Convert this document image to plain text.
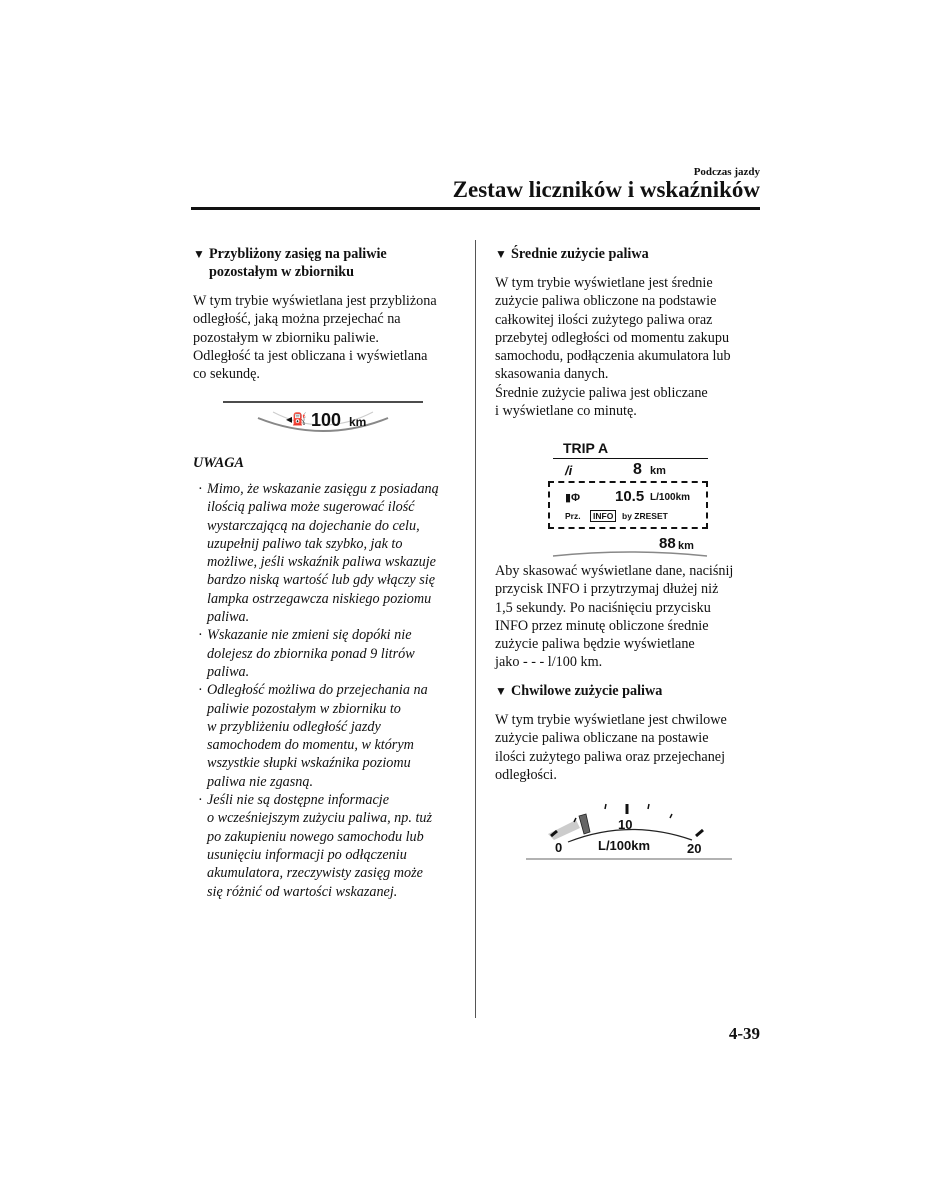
Podczas jazdy
Zestaw liczników i wskaźników
▼ Przybliżony zasięg na paliwie
pozostałym w zbiorniku

W tym trybie wyświetlana jest przybliżona

odległość, jaką można przejechać na

pozostałym w zbiorniku paliwie.

Odległość ta jest obliczana i wyświetlana

co sekundę.

◂⛽ 100 km
UWAGA
· Mimo, że wskazanie zasięgu z posiadaną
ilością paliwa może sugerować ilość
wystarczającą na dojechanie do celu,
uzupełnij paliwo tak szybko, jak to
możliwe, jeśli wskaźnik paliwa wskazuje
bardzo niską wartość lub gdy włączy się
lampka ostrzegawcza niskiego poziomu
paliwa.
· Wskazanie nie zmieni się dopóki nie
dolejesz do zbiornika ponad 9 litrów
paliwa.
· Odległość możliwa do przejechania na
paliwie pozostałym w zbiorniku to
w przybliżeniu odległość jazdy
samochodem do momentu, w którym
wszystkie słupki wskaźnika poziomu
paliwa nie zgasną.
· Jeśli nie są dostępne informacje
o wcześniejszym zużyciu paliwa, np. tuż
po zakupieniu nowego samochodu lub
usunięciu informacji po odłączeniu
akumulatora, rzeczywisty zasięg może
się różnić od wartości wskazanej.
▼ Średnie zużycie paliwa

W tym trybie wyświetlane jest średnie

zużycie paliwa obliczone na podstawie

całkowitej ilości zużytego paliwa oraz

przebytej odległości od momentu zakupu

samochodu, podłączenia akumulatora lub

skasowania danych.

Średnie zużycie paliwa jest obliczane

i wyświetlane co minutę.

TRIP A
/i	8 km
▮Φ 10.5 L/100km
Prz.	INFO	by ZRESET
88 km

Aby skasować wyświetlane dane, naciśnij

przycisk INFO i przytrzymaj dłużej niż

1,5 sekundy. Po naciśnięciu przycisku

INFO przez minutę obliczone średnie

zużycie paliwa będzie wyświetlane

jako - - - l/100 km.

▼ Chwilowe zużycie paliwa

W tym trybie wyświetlane jest chwilowe

zużycie paliwa obliczane na postawie

ilości zużytego paliwa oraz przejechanej

odległości.

0
10
20
L/100km
4-39
